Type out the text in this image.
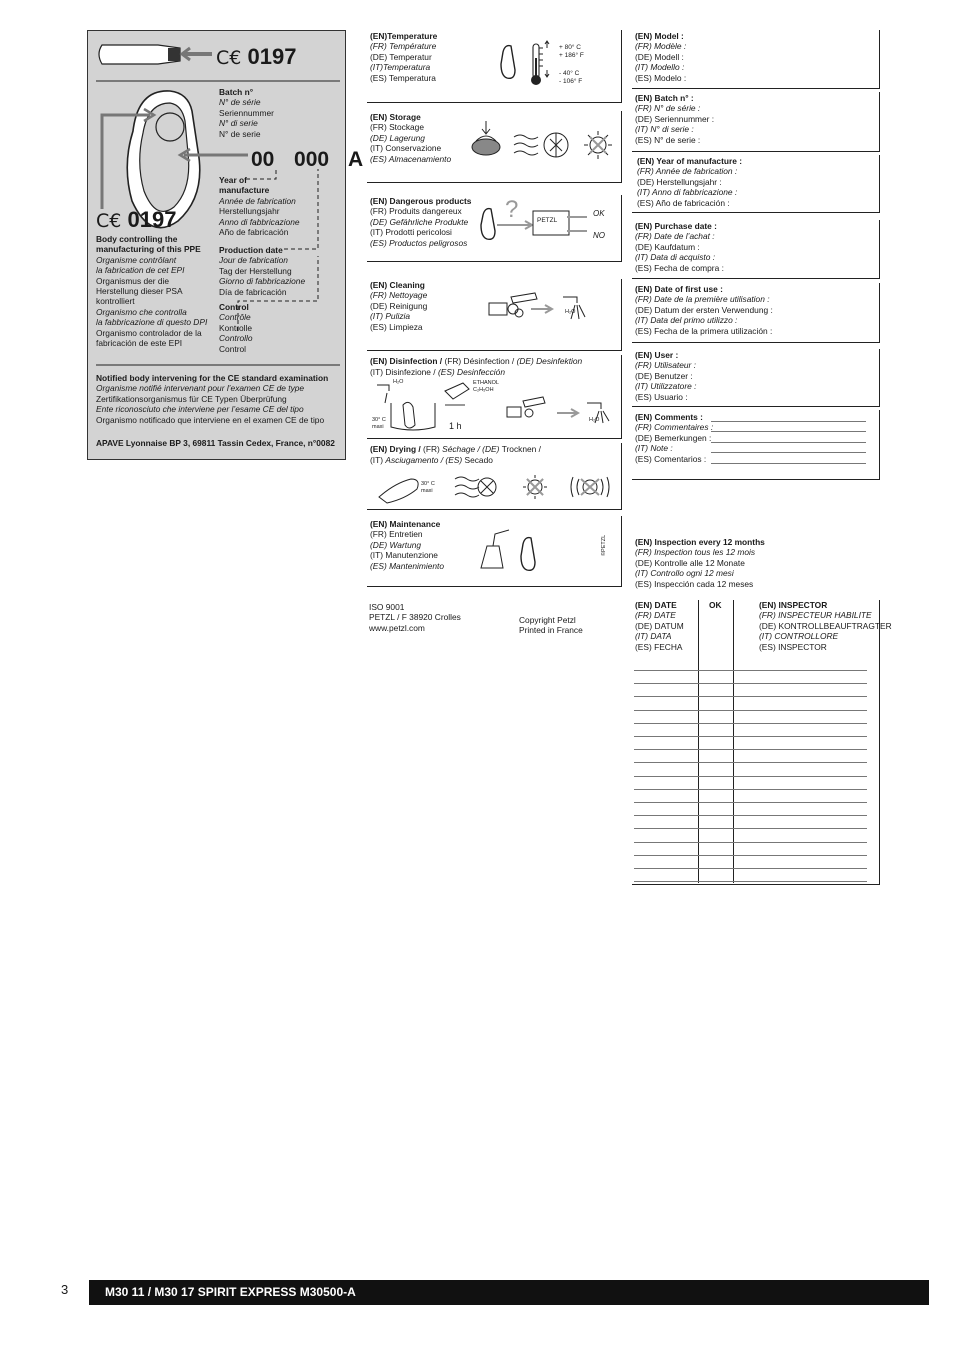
C€ 0197
Batch n°
N° de série
Seriennummer
N° di serie
N° de serie
00 000 A
Year of
manufacture
Année de fabrication
Herstellungsjahr
Anno di fabbricazione
Año de fabricación
Production date
Jour de fabrication
Tag der Herstellung
Giorno di fabbricazione
Día de fabricación
Control
Contrôle
Kontrolle
Controllo
Control
C€ 0197
Body controlling the
manufacturing of this PPE
Organisme contrôlant
la fabrication de cet EPI
Organismus der die
Herstellung dieser PSA
kontrolliert
Organismo che controlla
la fabbricazione di questo DPI
Organismo controlador de la
fabricación de este EPI
Notified body intervening for the CE standard examination
Organisme notifié intervenant pour l’examen CE de type
Zertifikationsorganismus für CE Typen Überprüfung
Ente riconosciuto che interviene per l’esame CE del tipo
Organismo notificado que interviene en el examen CE de tipo
APAVE Lyonnaise BP 3, 69811 Tassin Cedex, France, n°0082
(EN)Temperature
(FR) Température
(DE) Temperatur
(IT)Temperatura
(ES) Temperatura
+ 80° C
+ 186° F
- 40° C
- 106° F
(EN) Storage
(FR) Stockage
(DE) Lagerung
(IT) Conservazione
(ES) Almacenamiento
(EN) Dangerous products
(FR) Produits dangereux
(DE) Gefährliche Produkte
(IT) Prodotti pericolosi
(ES) Productos peligrosos
?	PETZL
OK
NO
(EN) Cleaning
(FR) Nettoyage
(DE) Reinigung
(IT) Pulizia
(ES) Limpieza
H₂O
(EN) Disinfection / (FR) Désinfection / (DE) Desinfektion
(IT) Disinfezione / (ES) Desinfección
H₂O	ETHANOL
C₂H₅OH
30° C
maxi	1 h
H₂O
(EN) Drying / (FR) Séchage / (DE) Trocknen /
(IT) Asciugamento / (ES) Secado
30° C
maxi
(EN) Maintenance
(FR) Entretien
(DE) Wartung
(IT) Manutenzione
(ES) Mantenimiento
©PETZL
ISO 9001
PETZL / F 38920 Crolles
www.petzl.com
Copyright Petzl
Printed in France
(EN) Model :
(FR) Modèle :
(DE) Modell :
(IT) Modello :
(ES) Modelo :
(EN) Batch n° :
(FR) N° de série :
(DE) Seriennummer :
(IT) N° di serie :
(ES) N° de serie :
(EN) Year of manufacture :
(FR) Année de fabrication :
(DE) Herstellungsjahr :
(IT) Anno di fabbricazione :
(ES) Año de fabricación :
(EN) Purchase date :
(FR) Date de l’achat :
(DE) Kaufdatum :
(IT) Data di acquisto :
(ES) Fecha de compra :
(EN) Date of first use :
(FR) Date de la première utilisation :
(DE) Datum der ersten Verwendung :
(IT) Data del primo utilizzo :
(ES) Fecha de la primera utilización :
(EN) User :
(FR) Utilisateur :
(DE) Benutzer :
(IT) Utilizzatore :
(ES) Usuario :
(EN) Comments :
(FR) Commentaires :
(DE) Bemerkungen :
(IT) Note :
(ES) Comentarios :
(EN) Inspection every 12 months
(FR) Inspection tous les 12 mois
(DE) Kontrolle alle 12 Monate
(IT) Controllo ogni 12 mesi
(ES) Inspección cada 12 meses
(EN) DATE
(FR) DATE
(DE) DATUM
(IT) DATA
(ES) FECHA
OK	(EN) INSPECTOR
(FR) INSPECTEUR HABILITE
(DE) KONTROLLBEAUFTRAGTER
(IT) CONTROLLORE
(ES) INSPECTOR
3	M30 11 / M30 17 SPIRIT EXPRESS M30500-A
